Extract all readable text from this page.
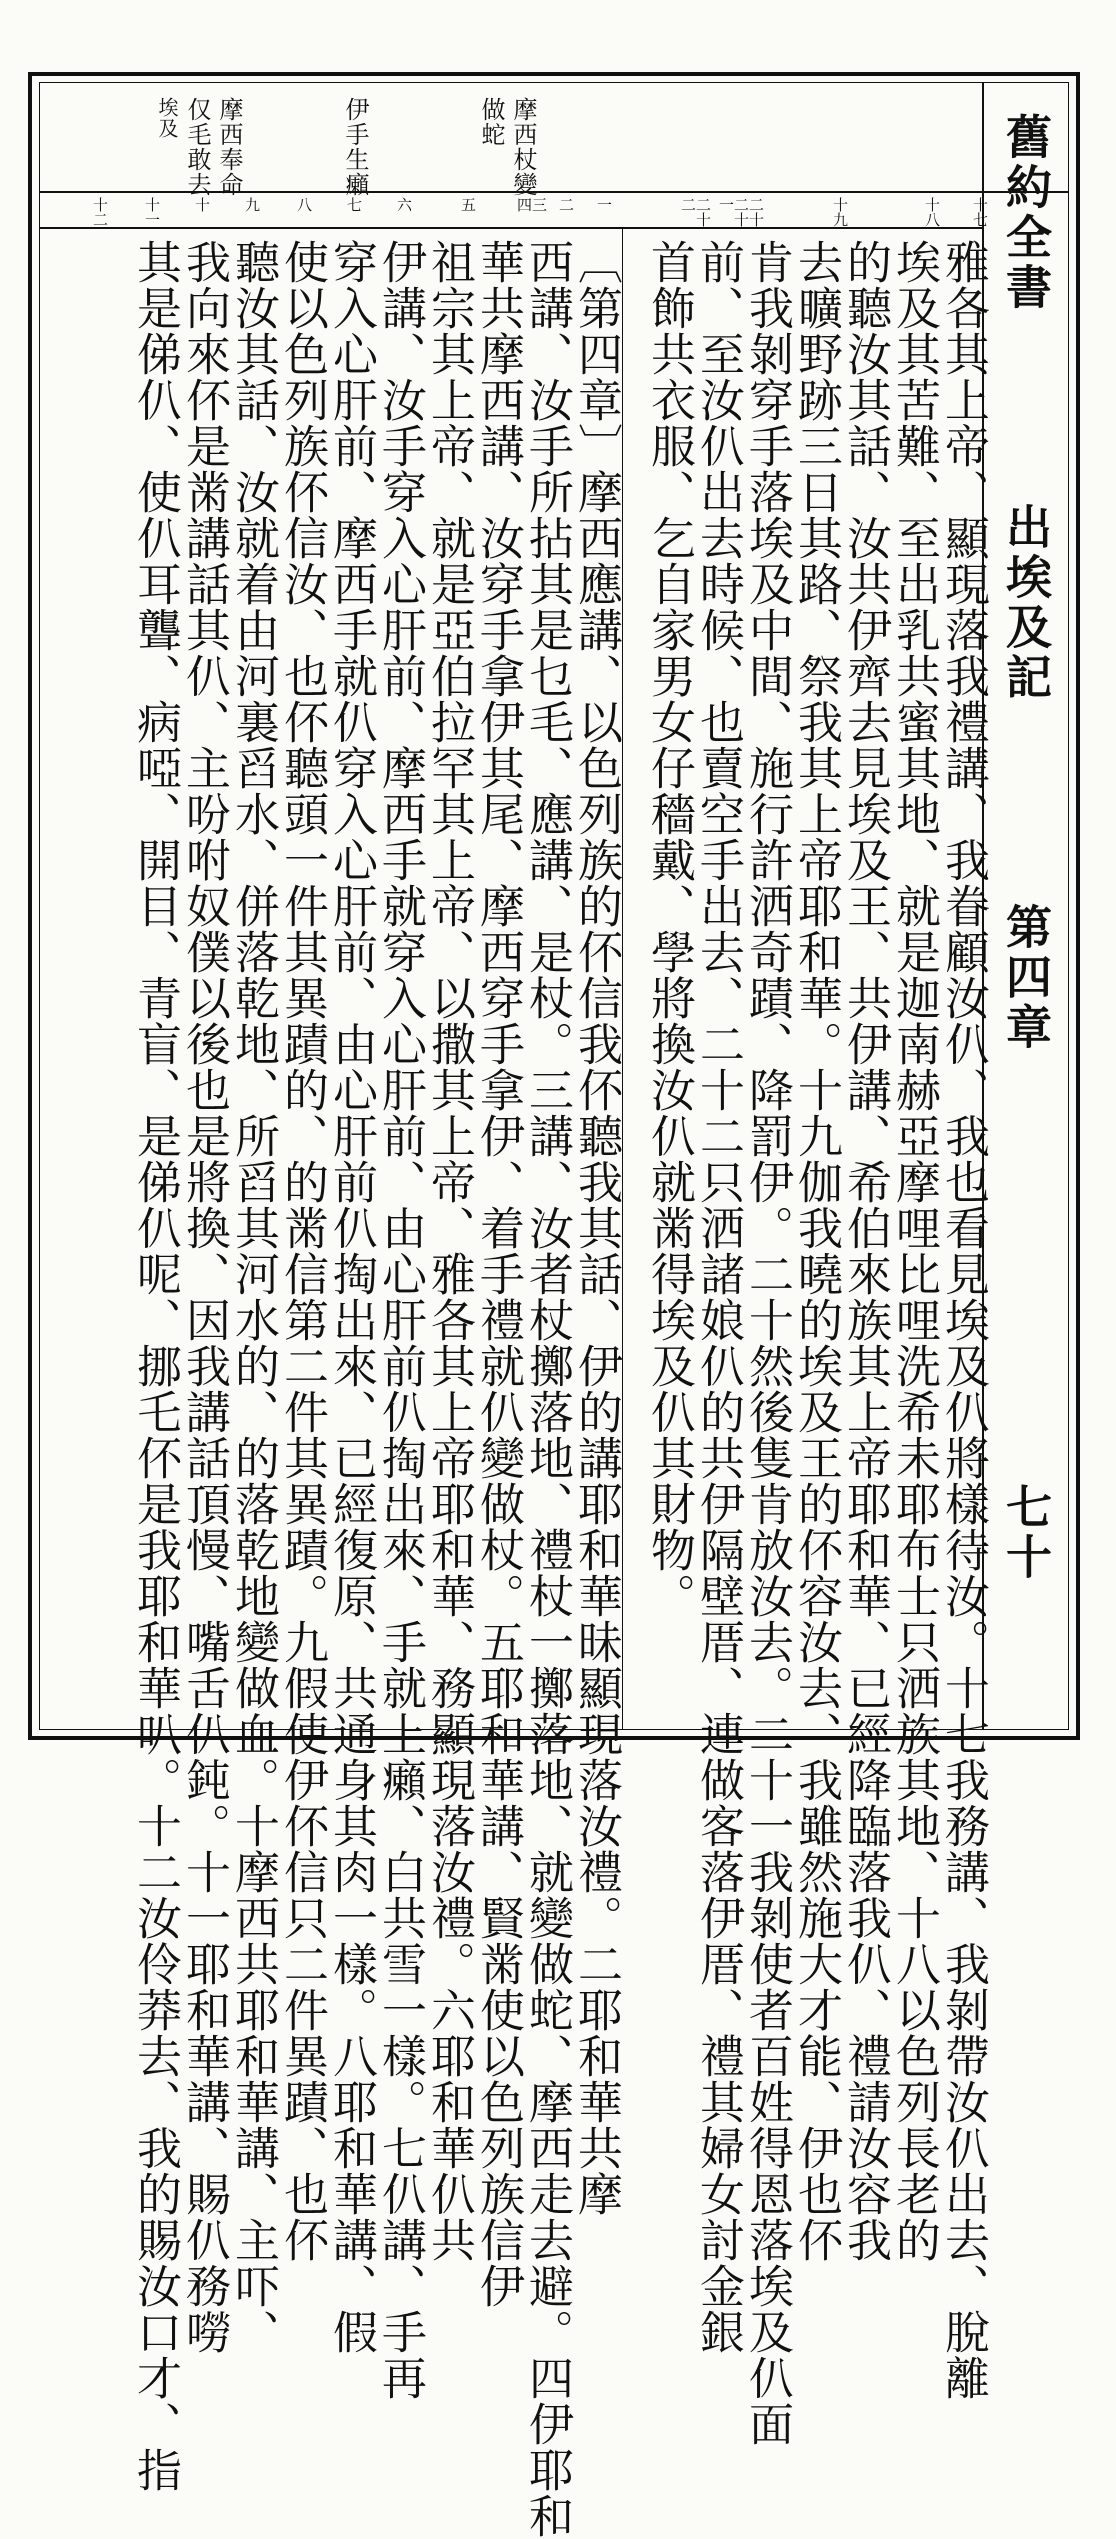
舊約全書
出埃及記
第四章
七十
摩西杖變
做蛇
伊手生癩
摩西奉命
仅毛敢去
埃及
十七
十八
十九
二十 二十一
二十二
一
二
三 四
五
六
七
八
九
十
十一
十二
雅各其上帝、顯現落我禮講、我眷顧汝仈、我也看見埃及仈將樣待汝。十七我務講、我剝帶汝仈出去、脫離
埃及其苦難、至出乳共蜜其地、就是迦南赫亞摩哩比哩洗希未耶布士只洒族其地、十八以色列長老的
的聽汝其話、汝共伊齊去見埃及王、共伊講、希伯來族其上帝耶和華、已經降臨落我仈、禮請汝容我
去曠野跡三日其路、祭我其上帝耶和華。十九伽我曉的埃及王的伓容汝去、我雖然施大才能、伊也伓
肯我剝穿手落埃及中間、施行許洒奇蹟、降罰伊。二十然後隻肯放汝去。二十一我剝使者百姓得恩落埃及仈面
前、至汝仈出去時候、也賣空手出去、二十二只洒諸娘仈的共伊隔壁厝、連做客落伊厝、禮其婦女討金銀
首飾共衣服、乞自家男女仔穡戴、學將換汝仈就黹得埃及仈其財物。
〔第四章〕摩西應講、以色列族的伓信我伓聽我其話、伊的講耶和華昧顯現落汝禮。二耶和華共摩
西講、汝手所拈其是乜毛、應講、是杖。三講、汝者杖擲落地、禮杖一擲落地、就變做蛇、摩西走去避。四伊耶和
華共摩西講、汝穿手拿伊其尾、摩西穿手拿伊、着手禮就仈變做杖。五耶和華講、賢黹使以色列族信伊
祖宗其上帝、就是亞伯拉罕其上帝、以撒其上帝、雅各其上帝耶和華、務顯現落汝禮。六耶和華仈共
伊講、汝手穿入心肝前、摩西手就穿入心肝前、由心肝前仈掏出來、手就上癩、白共雪一樣。七仈講、手再
穿入心肝前、摩西手就仈穿入心肝前、由心肝前仈掏出來、已經復原、共通身其肉一樣。八耶和華講、假
使以色列族伓信汝、也伓聽頭一件其異蹟的、的黹信第二件其異蹟。九假使伊伓信只二件異蹟、也伓
聽汝其話、汝就着由河裏舀水、併落乾地、所舀其河水的、的落乾地變做血。十摩西共耶和華講、主吓、
我向來伓是黹講話其仈、主吩咐奴僕以後也是將換、因我講話頂慢、嘴舌仈鈍。十一耶和華講、賜仈務嘮
其是俤仈、使仈耳聾、病啞、開目、青盲、是俤仈呢、挪乇伓是我耶和華叭。十二汝伶莽去、我的賜汝口才、指
